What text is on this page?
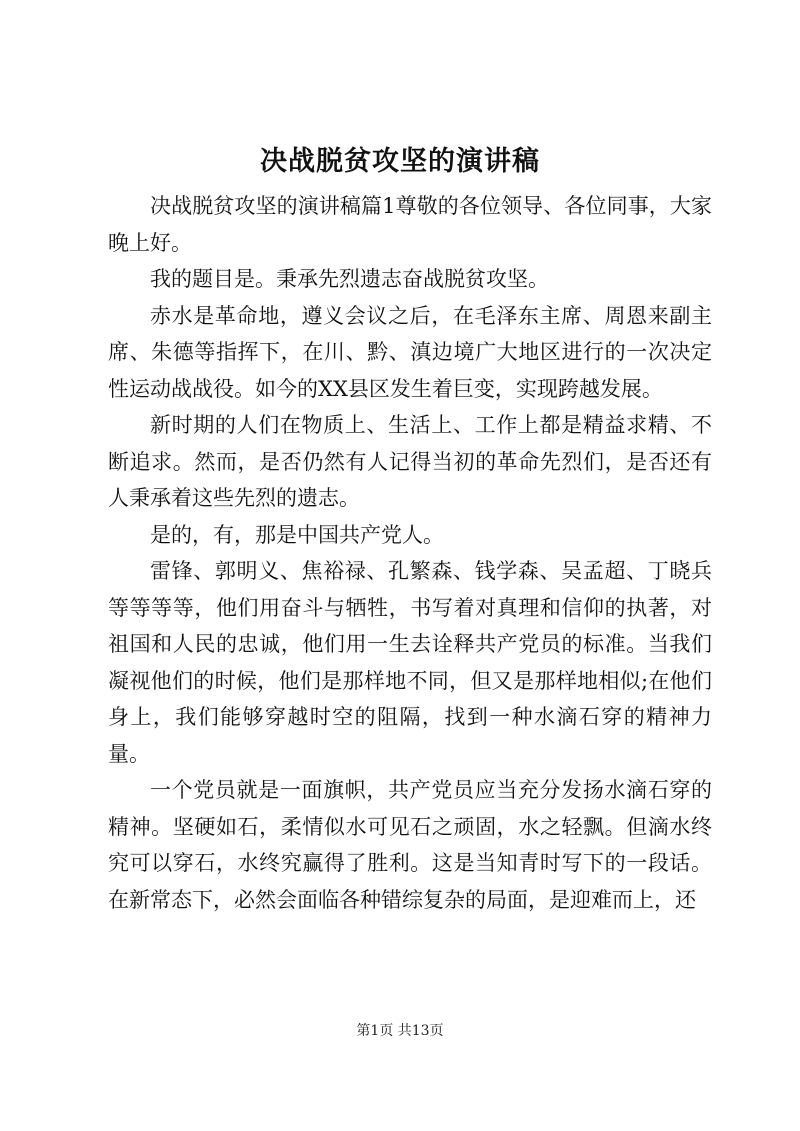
决战脱贫攻坚的演讲稿

决战脱贫攻坚的演讲稿篇1尊敬的各位领导、各位同事，大家晚上好。

我的题目是。秉承先烈遗志奋战脱贫攻坚。

赤水是革命地，遵义会议之后，在毛泽东主席、周恩来副主席、朱德等指挥下，在川、黔、滇边境广大地区进行的一次决定性运动战战役。如今的XX县区发生着巨变，实现跨越发展。

新时期的人们在物质上、生活上、工作上都是精益求精、不断追求。然而，是否仍然有人记得当初的革命先烈们，是否还有人秉承着这些先烈的遗志。

是的，有，那是中国共产党人。

雷锋、郭明义、焦裕禄、孔繁森、钱学森、吴孟超、丁晓兵等等等等，他们用奋斗与牺牲，书写着对真理和信仰的执著，对祖国和人民的忠诚，他们用一生去诠释共产党员的标准。当我们凝视他们的时候，他们是那样地不同，但又是那样地相似;在他们身上，我们能够穿越时空的阻隔，找到一种水滴石穿的精神力量。

一个党员就是一面旗帜，共产党员应当充分发扬水滴石穿的精神。坚硬如石，柔情似水可见石之顽固，水之轻飘。但滴水终究可以穿石，水终究赢得了胜利。这是当知青时写下的一段话。在新常态下，必然会面临各种错综复杂的局面，是迎难而上，还

第1页 共13页
